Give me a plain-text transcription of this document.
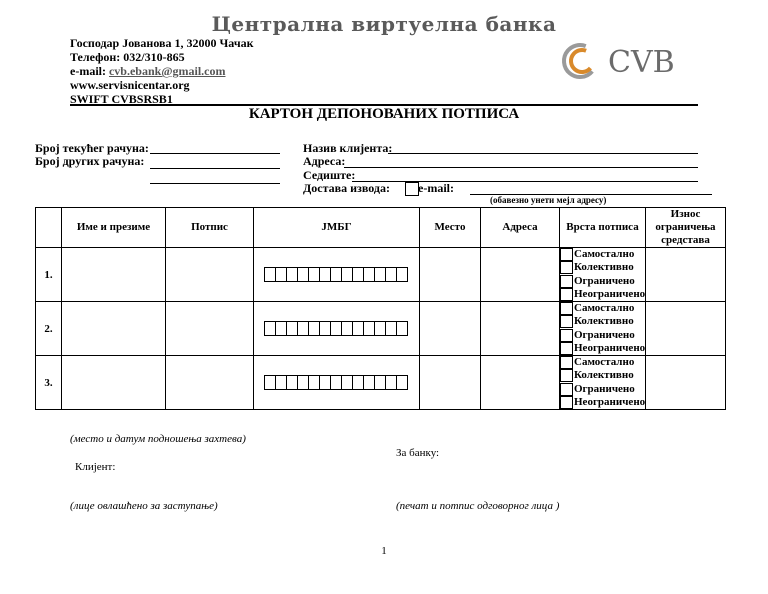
Централна виртуелна банка
Господар Јованова 1, 32000 Чачак
Телефон: 032/310-865
e-mail: cvb.ebank@gmail.com
www.servisnicentar.org
SWIFT CVBSRSB1
CVB
КАРТОН ДЕПОНОВАНИХ ПОТПИСА
Број текућег рачуна:
Број других рачуна:
Назив клијента:
Адреса:
Седиште:
Достава извода: e-mail:
(обавезно унети мејл адресу)
	Име и презиме	Потпис	ЈМБГ	Место	Адреса	Врста потписа	Износ ограничења средстава
1.						Самостално
Колективно
Ограничено
Неограничено	

2.						Самостално
Колективно
Ограничено
Неограничено	

3.						Самостално
Колективно
Ограничено
Неограничено	

(место и датум подношења захтева)
За банку:
Клијент:
(лице овлашћено за заступање)	(печат и потпис одговорног лица )
1
